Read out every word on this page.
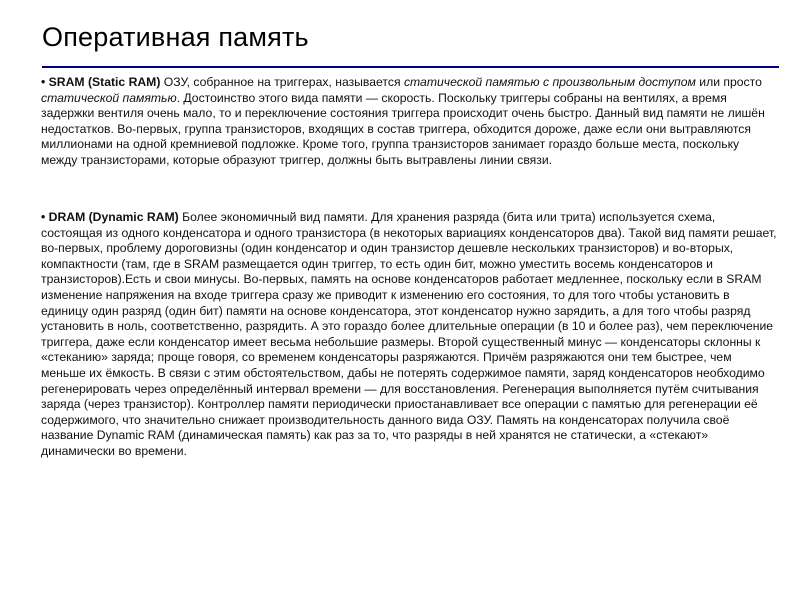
Оперативная память
• SRAM (Static RAM) ОЗУ, собранное на триггерах, называется статической памятью с произвольным доступом или просто статической памятью. Достоинство этого вида памяти — скорость. Поскольку триггеры собраны на вентилях, а время задержки вентиля очень мало, то и переключение состояния триггера происходит очень быстро. Данный вид памяти не лишён недостатков. Во-первых, группа транзисторов, входящих в состав триггера, обходится дороже, даже если они вытравляются миллионами на одной кремниевой подложке. Кроме того, группа транзисторов занимает гораздо больше места, поскольку между транзисторами, которые образуют триггер, должны быть вытравлены линии связи.
• DRAM (Dynamic RAM) Более экономичный вид памяти. Для хранения разряда (бита или трита) используется схема, состоящая из одного конденсатора и одного транзистора (в некоторых вариациях конденсаторов два). Такой вид памяти решает, во-первых, проблему дороговизны (один конденсатор и один транзистор дешевле нескольких транзисторов) и во-вторых, компактности (там, где в SRAM размещается один триггер, то есть один бит, можно уместить восемь конденсаторов и транзисторов).Есть и свои минусы. Во-первых, память на основе конденсаторов работает медленнее, поскольку если в SRAM изменение напряжения на входе триггера сразу же приводит к изменению его состояния, то для того чтобы установить в единицу один разряд (один бит) памяти на основе конденсатора, этот конденсатор нужно зарядить, а для того чтобы разряд установить в ноль, соответственно, разрядить. А это гораздо более длительные операции (в 10 и более раз), чем переключение триггера, даже если конденсатор имеет весьма небольшие размеры. Второй существенный минус — конденсаторы склонны к «стеканию» заряда; проще говоря, со временем конденсаторы разряжаются. Причём разряжаются они тем быстрее, чем меньше их ёмкость. В связи с этим обстоятельством, дабы не потерять содержимое памяти, заряд конденсаторов необходимо регенерировать через определённый интервал времени — для восстановления. Регенерация выполняется путём считывания заряда (через транзистор). Контроллер памяти периодически приостанавливает все операции с памятью для регенерации её содержимого, что значительно снижает производительность данного вида ОЗУ. Память на конденсаторах получила своё название Dynamic RAM (динамическая память) как раз за то, что разряды в ней хранятся не статически, а «стекают» динамически во времени.
